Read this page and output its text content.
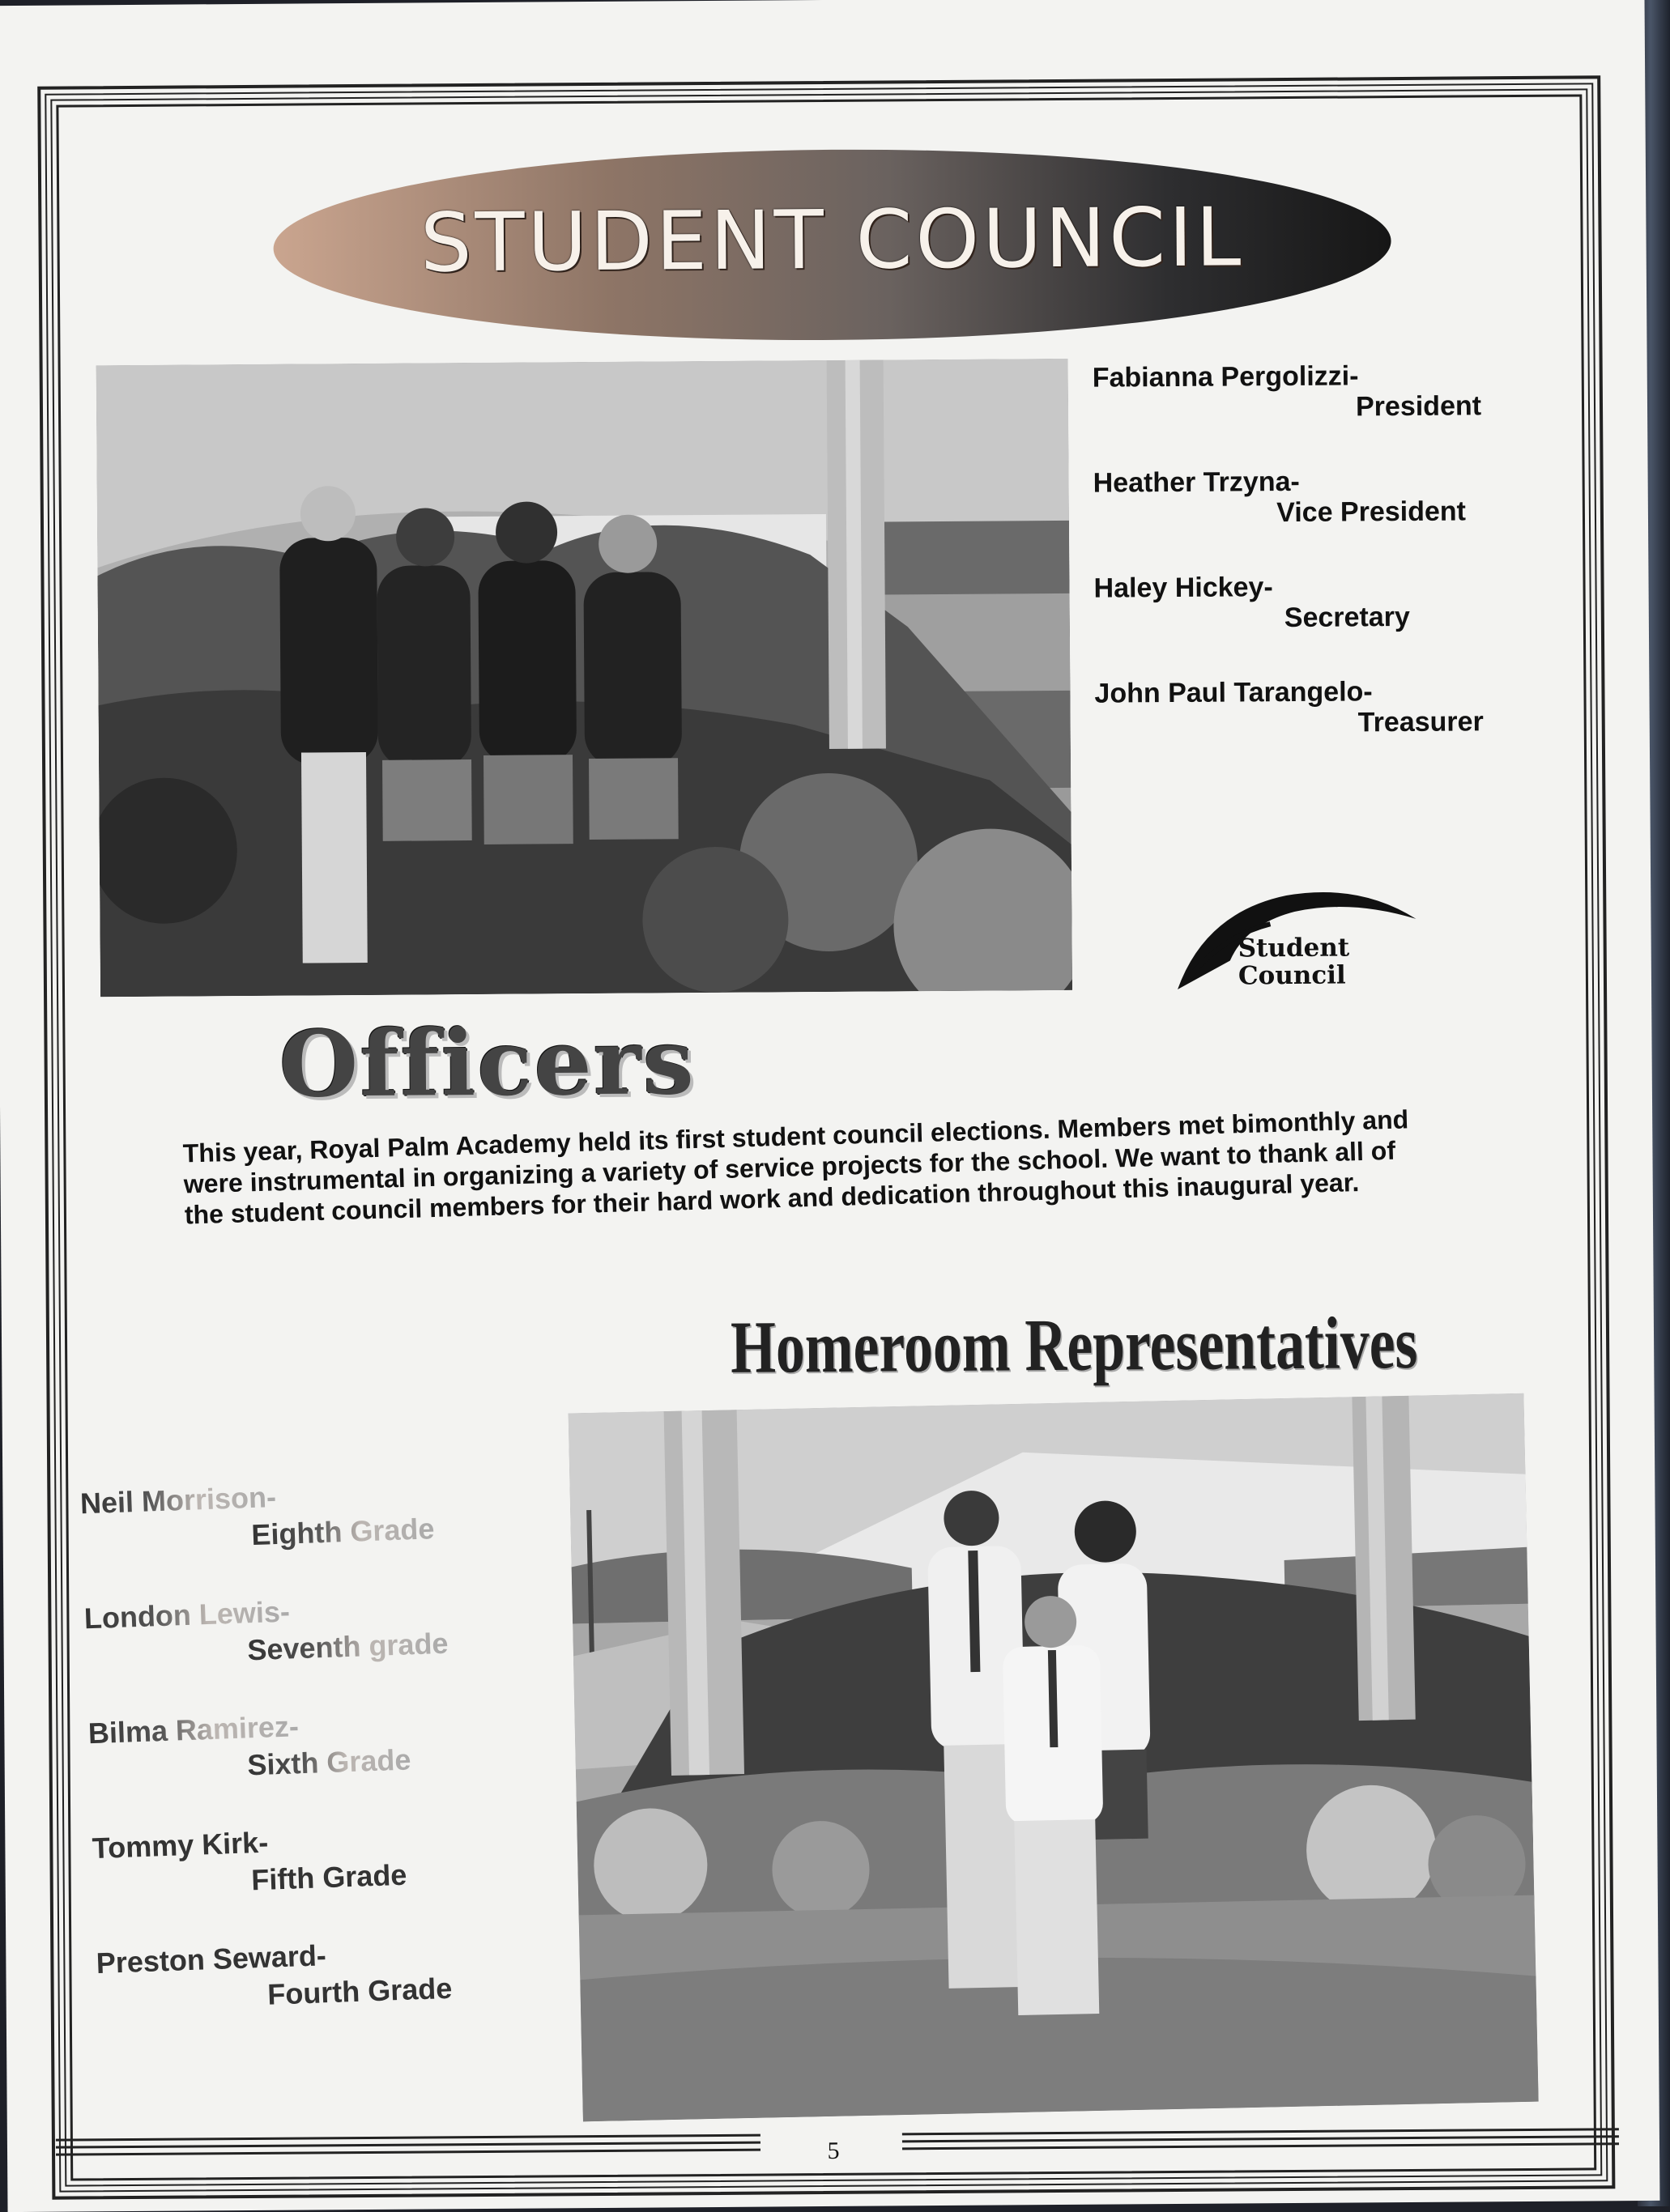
STUDENT COUNCIL
Fabianna Pergolizzi-
President
Heather Trzyna-
Vice President
Haley Hickey-
Secretary
John Paul Tarangelo-
Treasurer
Student
Council
Officers
This year, Royal Palm Academy held its first student council elections. Members met bimonthly and were instrumental in organizing a variety of service projects for the school. We want to thank all of the student council members for their hard work and dedication throughout this inaugural year.
Homeroom Representatives
Neil Morrison-
Eighth Grade
London Lewis-
Seventh grade
Bilma Ramirez-
Sixth Grade
Tommy Kirk-
Fifth Grade
Preston Seward-
Fourth Grade
5
